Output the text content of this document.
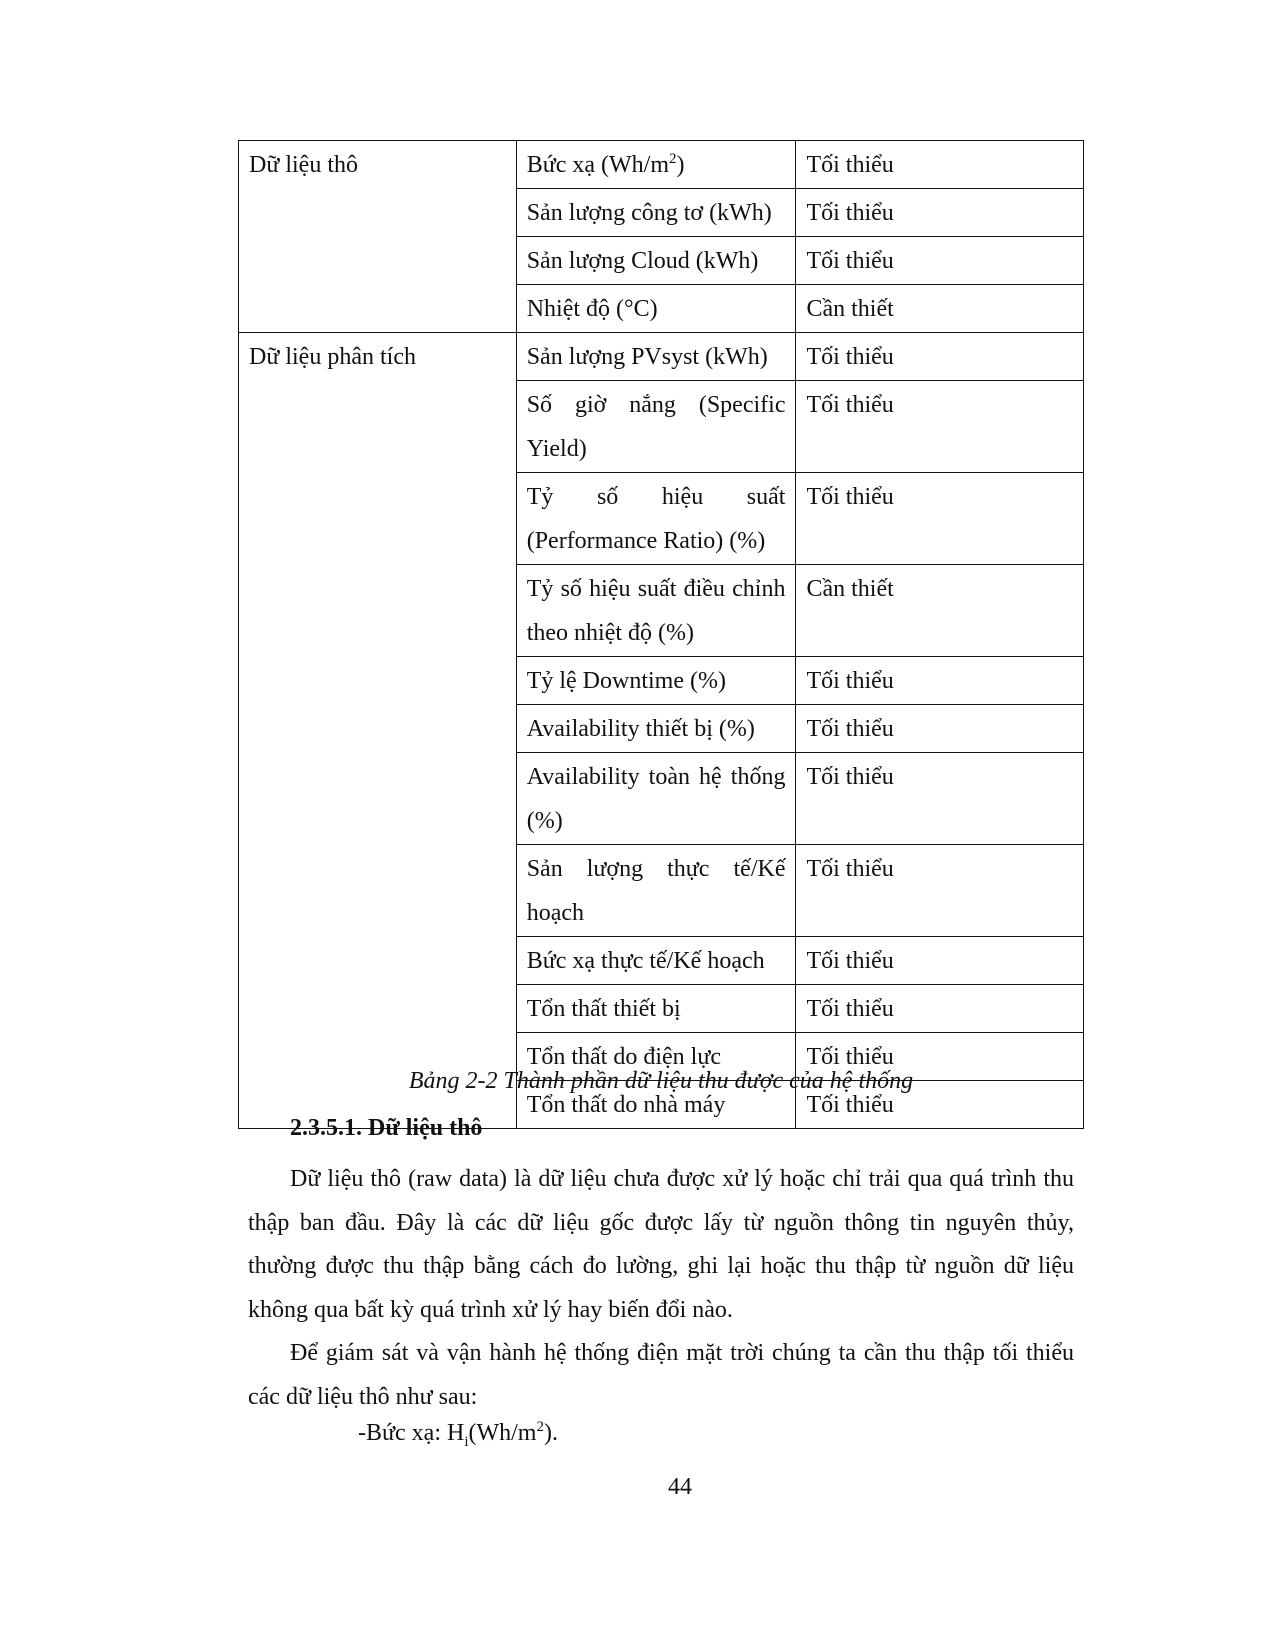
Dữ liệu thô	Bức xạ $(Wh/m^2)$	Tối thiểu
	Sản lượng công tơ (kWh)	Tối thiểu
	Sản lượng Cloud (kWh)	Tối thiểu
	Nhiệt độ (°C)	Cần thiết
Dữ liệu phân tích	Sản lượng PVsyst (kWh)	Tối thiểu
	Số giờ nắng (Specific Yield)	Tối thiểu
	Tỷ số hiệu suất (Performance Ratio) (%)	Tối thiểu
	Tỷ số hiệu suất điều chỉnh theo nhiệt độ (%)	Cần thiết
	Tỷ lệ Downtime (%)	Tối thiểu
	Availability thiết bị (%)	Tối thiểu
	Availability toàn hệ thống (%)	Tối thiểu
	Sản lượng thực tế/Kế hoạch	Tối thiểu
	Bức xạ thực tế/Kế hoạch	Tối thiểu
	Tổn thất thiết bị	Tối thiểu
	Tổn thất do điện lực	Tối thiểu
	Tổn thất do nhà máy	Tối thiểu
Bảng 2-2 Thành phần dữ liệu thu được của hệ thống
2.3.5.1. Dữ liệu thô

Dữ liệu thô (raw data) là dữ liệu chưa được xử lý hoặc chỉ trải qua quá trình thu thập ban đầu. Đây là các dữ liệu gốc được lấy từ nguồn thông tin nguyên thủy, thường được thu thập bằng cách đo lường, ghi lại hoặc thu thập từ nguồn dữ liệu không qua bất kỳ quá trình xử lý hay biến đổi nào.

Để giám sát và vận hành hệ thống điện mặt trời chúng ta cần thu thập tối thiểu các dữ liệu thô như sau:

-Bức xạ: $H_i(Wh/m^2)$.
44
